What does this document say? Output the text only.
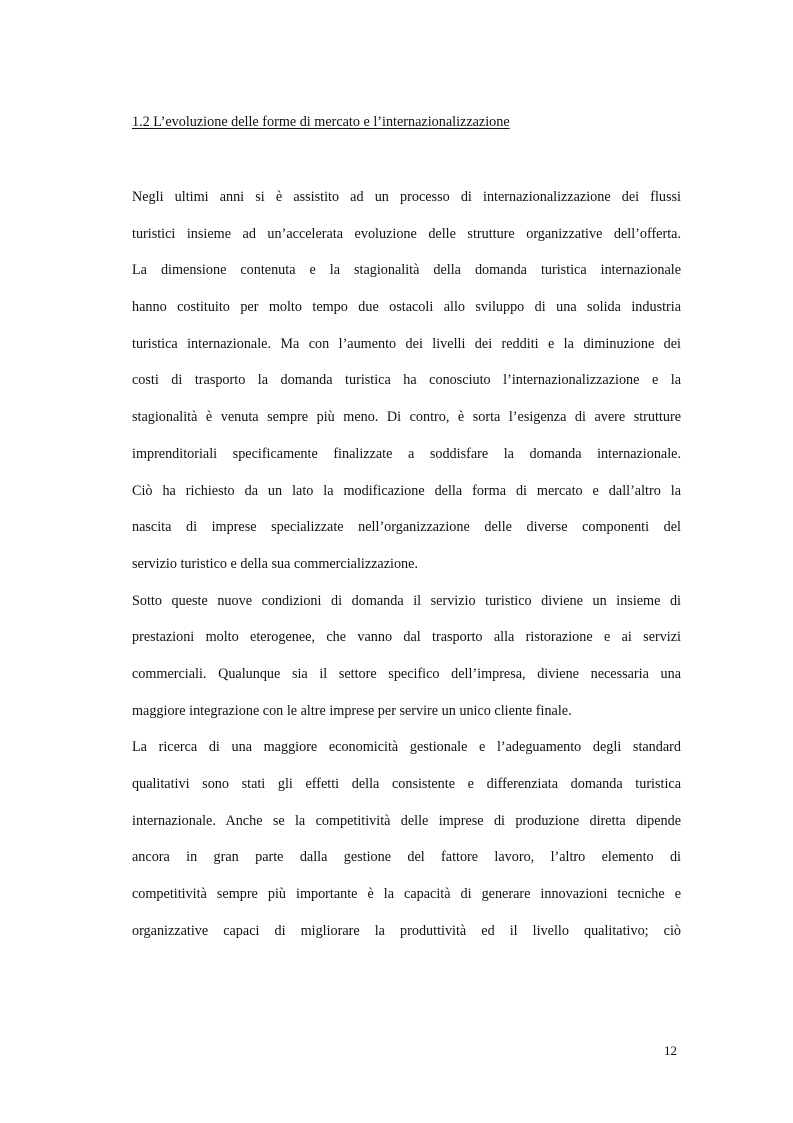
1.2 L’evoluzione delle forme di mercato e l’internazionalizzazione
Negli ultimi anni si è assistito ad un processo di internazionalizzazione dei flussi
turistici insieme ad un’accelerata evoluzione delle strutture organizzative dell’offerta.
La dimensione contenuta e la stagionalità della domanda turistica internazionale
hanno costituito per molto tempo due ostacoli allo sviluppo di una solida industria
turistica internazionale. Ma con l’aumento dei livelli dei redditi e la diminuzione dei
costi di trasporto la domanda turistica ha conosciuto l’internazionalizzazione e la
stagionalità è venuta sempre più meno. Di contro, è sorta l’esigenza di avere strutture
imprenditoriali specificamente finalizzate a soddisfare la domanda internazionale.
Ciò ha richiesto da un lato la modificazione della forma di mercato e dall’altro la
nascita di imprese specializzate nell’organizzazione delle diverse componenti del
servizio turistico e della sua commercializzazione.
Sotto queste nuove condizioni di domanda il servizio turistico diviene un insieme di
prestazioni molto eterogenee, che vanno dal trasporto alla ristorazione e ai servizi
commerciali. Qualunque sia il settore specifico dell’impresa, diviene necessaria una
maggiore integrazione con le altre imprese per servire un unico cliente finale.
La ricerca di una maggiore economicità gestionale e l’adeguamento degli standard
qualitativi sono stati gli effetti della consistente e differenziata domanda turistica
internazionale. Anche se la competitività delle imprese di produzione diretta dipende
ancora in gran parte dalla gestione del fattore lavoro, l’altro elemento di
competitività sempre più importante è la capacità di generare innovazioni tecniche e
organizzative capaci di migliorare la produttività ed il livello qualitativo; ciò
12
